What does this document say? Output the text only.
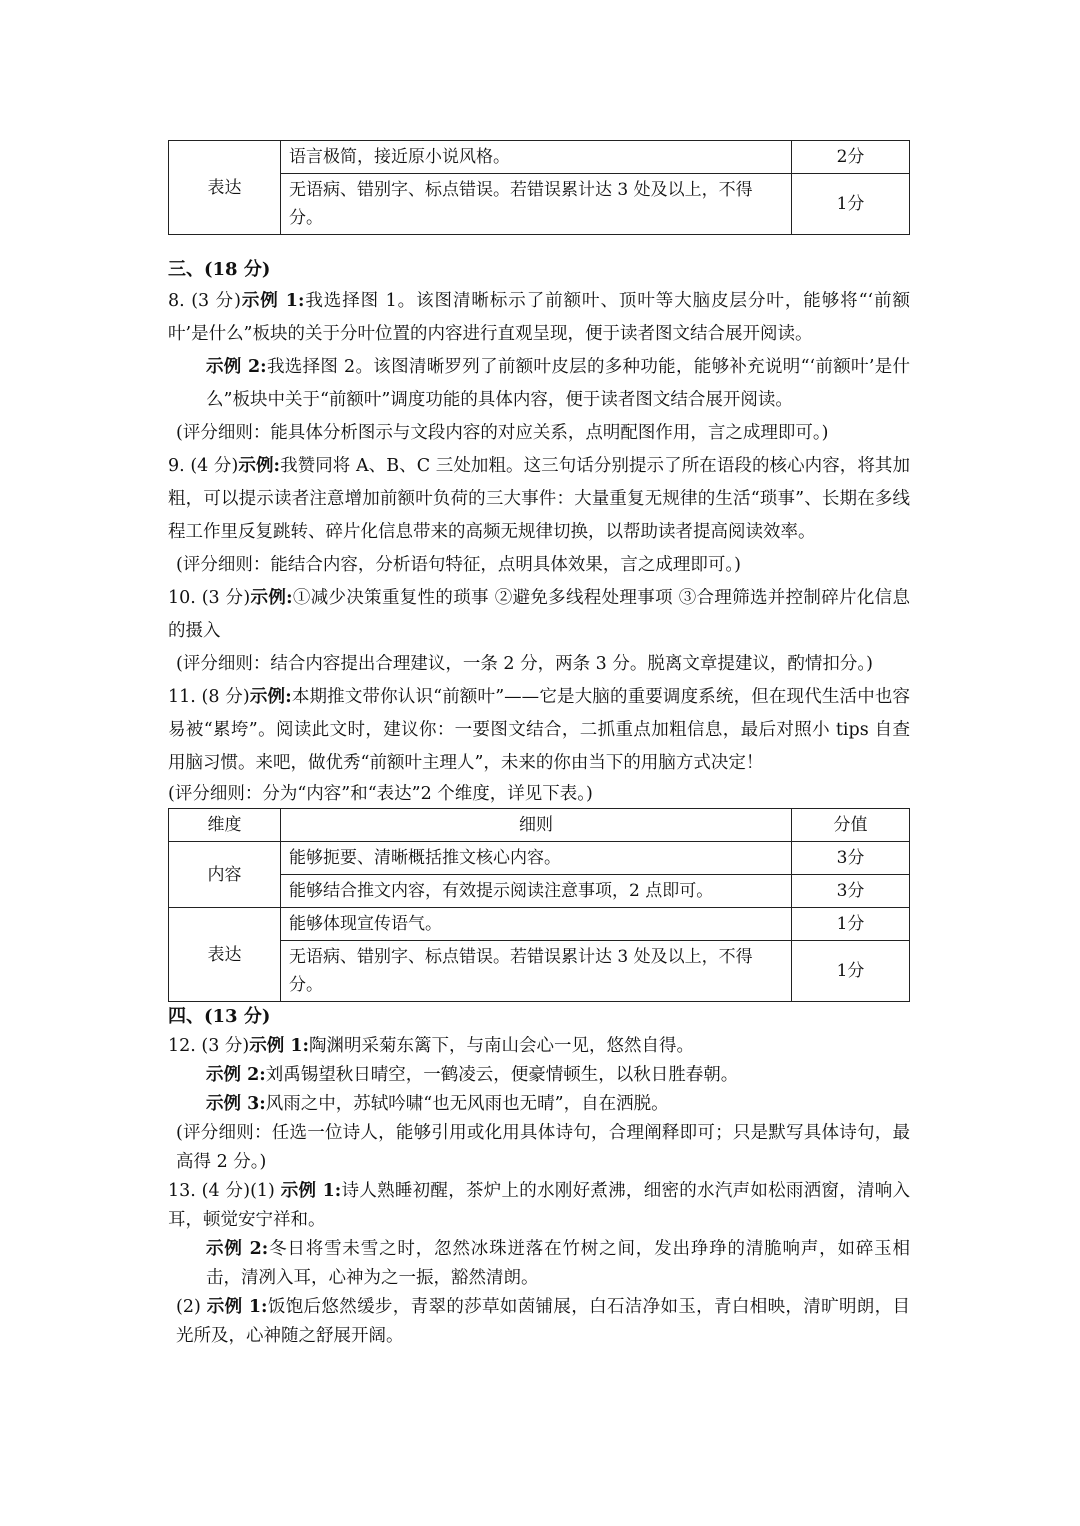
表达	语言极简，接近原小说风格。	2分
	无语病、错别字、标点错误。若错误累计达 3 处及以上，不得分。	1分
三、(18 分)

8. (3 分)示例 1:我选择图 1。该图清晰标示了前额叶、顶叶等大脑皮层分叶，能够将“‘前额叶’是什么”板块的关于分叶位置的内容进行直观呈现，便于读者图文结合展开阅读。

示例 2:我选择图 2。该图清晰罗列了前额叶皮层的多种功能，能够补充说明“‘前额叶’是什么”板块中关于“前额叶”调度功能的具体内容，便于读者图文结合展开阅读。

(评分细则：能具体分析图示与文段内容的对应关系，点明配图作用，言之成理即可。)

9. (4 分)示例:我赞同将 A、B、C 三处加粗。这三句话分别提示了所在语段的核心内容，将其加粗，可以提示读者注意增加前额叶负荷的三大事件：大量重复无规律的生活“琐事”、长期在多线程工作里反复跳转、碎片化信息带来的高频无规律切换，以帮助读者提高阅读效率。

(评分细则：能结合内容，分析语句特征，点明具体效果，言之成理即可。)

10. (3 分)示例:①减少决策重复性的琐事 ②避免多线程处理事项 ③合理筛选并控制碎片化信息的摄入

(评分细则：结合内容提出合理建议，一条 2 分，两条 3 分。脱离文章提建议，酌情扣分。)

11. (8 分)示例:本期推文带你认识“前额叶”——它是大脑的重要调度系统，但在现代生活中也容易被“累垮”。阅读此文时，建议你：一要图文结合，二抓重点加粗信息，最后对照小 tips 自查用脑习惯。来吧，做优秀“前额叶主理人”，未来的你由当下的用脑方式决定！

(评分细则：分为“内容”和“表达”2 个维度，详见下表。)

维度	细则	分值
内容	能够扼要、清晰概括推文核心内容。	3分
	能够结合推文内容，有效提示阅读注意事项，2 点即可。	3分
表达	能够体现宣传语气。	1分
	无语病、错别字、标点错误。若错误累计达 3 处及以上，不得分。	1分
四、(13 分)

12. (3 分)示例 1:陶渊明采菊东篱下，与南山会心一见，悠然自得。

示例 2:刘禹锡望秋日晴空，一鹤凌云，便豪情顿生，以秋日胜春朝。

示例 3:风雨之中，苏轼吟啸“也无风雨也无晴”，自在洒脱。

(评分细则：任选一位诗人，能够引用或化用具体诗句，合理阐释即可；只是默写具体诗句，最高得 2 分。)

13. (4 分)(1) 示例 1:诗人熟睡初醒，茶炉上的水刚好煮沸，细密的水汽声如松雨洒窗，清响入耳，顿觉安宁祥和。

示例 2:冬日将雪未雪之时，忽然冰珠迸落在竹树之间，发出琤琤的清脆响声，如碎玉相击，清冽入耳，心神为之一振，豁然清朗。

(2) 示例 1:饭饱后悠然缓步，青翠的莎草如茵铺展，白石洁净如玉，青白相映，清旷明朗，目光所及，心神随之舒展开阔。
